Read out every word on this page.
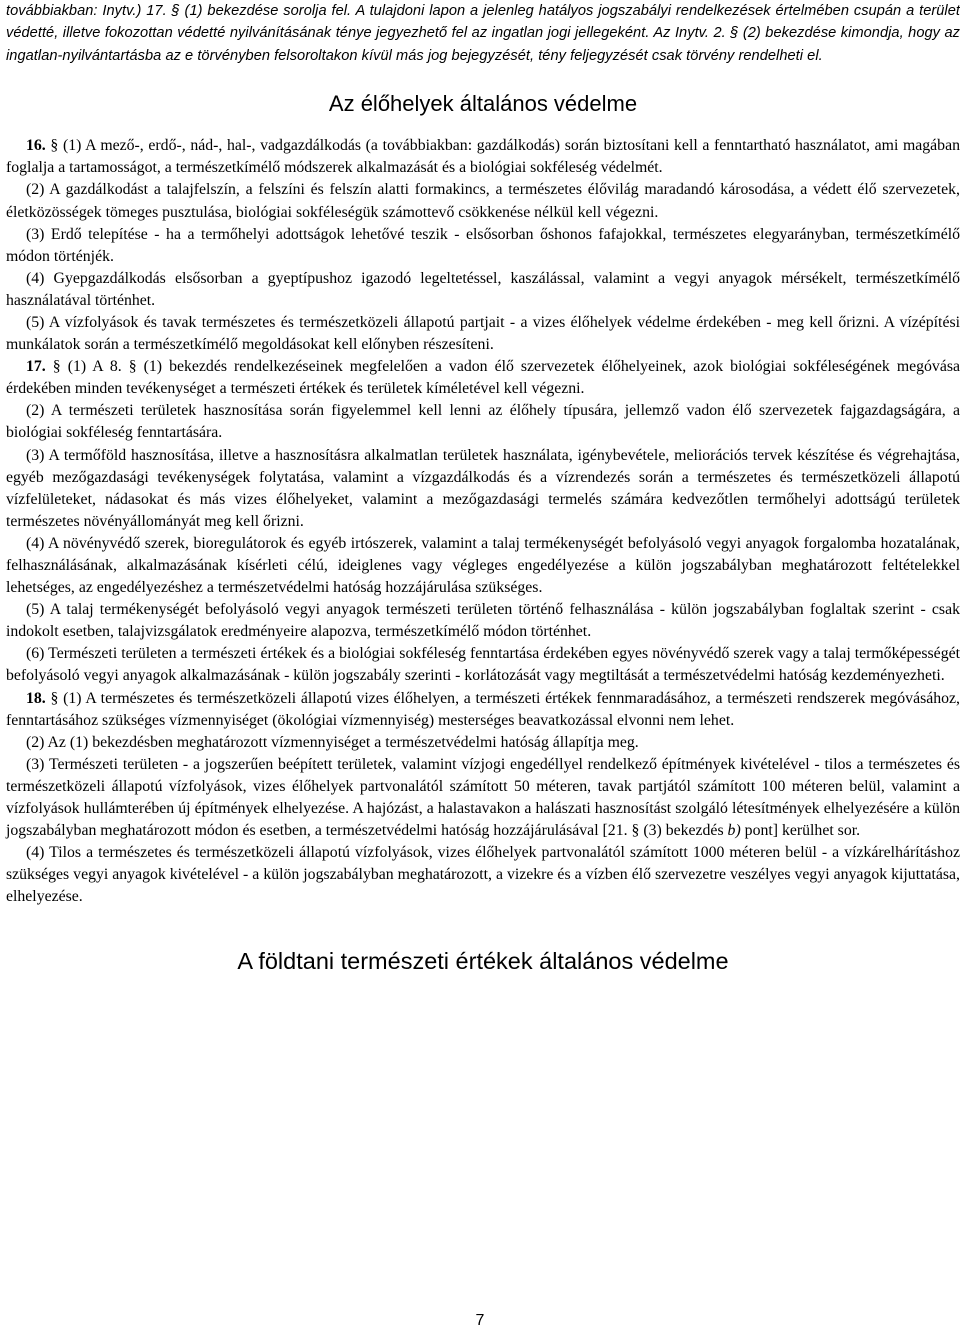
továbbiakban: Inytv.) 17. § (1) bekezdése sorolja fel. A tulajdoni lapon a jelenleg hatályos jogszabályi rendelkezések értelmében csupán a terület védetté, illetve fokozottan védetté nyilvánításának ténye jegyezhető fel az ingatlan jogi jellegeként. Az Inytv. 2. § (2) bekezdése kimondja, hogy az ingatlan-nyilvántartásba az e törvényben felsoroltakon kívül más jog bejegyzését, tény feljegyzését csak törvény rendelheti el.

Az élőhelyek általános védelme

16. § (1) A mező-, erdő-, nád-, hal-, vadgazdálkodás (a továbbiakban: gazdálkodás) során biztosítani kell a fenntartható használatot, ami magában foglalja a tartamosságot, a természetkímélő módszerek alkalmazását és a biológiai sokféleség védelmét.

(2) A gazdálkodást a talajfelszín, a felszíni és felszín alatti formakincs, a természetes élővilág maradandó károsodása, a védett élő szervezetek, életközösségek tömeges pusztulása, biológiai sokféleségük számottevő csökkenése nélkül kell végezni.

(3) Erdő telepítése - ha a termőhelyi adottságok lehetővé teszik - elsősorban őshonos fafajokkal, természetes elegyarányban, természetkímélő módon történjék.

(4) Gyepgazdálkodás elsősorban a gyeptípushoz igazodó legeltetéssel, kaszálással, valamint a vegyi anyagok mérsékelt, természetkímélő használatával történhet.

(5) A vízfolyások és tavak természetes és természetközeli állapotú partjait - a vizes élőhelyek védelme érdekében - meg kell őrizni. A vízépítési munkálatok során a természetkímélő megoldásokat kell előnyben részesíteni.

17. § (1) A 8. § (1) bekezdés rendelkezéseinek megfelelően a vadon élő szervezetek élőhelyeinek, azok biológiai sokféleségének megóvása érdekében minden tevékenységet a természeti értékek és területek kíméletével kell végezni.

(2) A természeti területek hasznosítása során figyelemmel kell lenni az élőhely típusára, jellemző vadon élő szervezetek fajgazdagságára, a biológiai sokféleség fenntartására.

(3) A termőföld hasznosítása, illetve a hasznosításra alkalmatlan területek használata, igénybevétele, meliorációs tervek készítése és végrehajtása, egyéb mezőgazdasági tevékenységek folytatása, valamint a vízgazdálkodás és a vízrendezés során a természetes és természetközeli állapotú vízfelületeket, nádasokat és más vizes élőhelyeket, valamint a mezőgazdasági termelés számára kedvezőtlen termőhelyi adottságú területek természetes növényállományát meg kell őrizni.

(4) A növényvédő szerek, bioregulátorok és egyéb irtószerek, valamint a talaj termékenységét befolyásoló vegyi anyagok forgalomba hozatalának, felhasználásának, alkalmazásának kísérleti célú, ideiglenes vagy végleges engedélyezése a külön jogszabályban meghatározott feltételekkel lehetséges, az engedélyezéshez a természetvédelmi hatóság hozzájárulása szükséges.

(5) A talaj termékenységét befolyásoló vegyi anyagok természeti területen történő felhasználása - külön jogszabályban foglaltak szerint - csak indokolt esetben, talajvizsgálatok eredményeire alapozva, természetkímélő módon történhet.

(6) Természeti területen a természeti értékek és a biológiai sokféleség fenntartása érdekében egyes növényvédő szerek vagy a talaj termőképességét befolyásoló vegyi anyagok alkalmazásának - külön jogszabály szerinti - korlátozását vagy megtiltását a természetvédelmi hatóság kezdeményezheti.

18. § (1) A természetes és természetközeli állapotú vizes élőhelyen, a természeti értékek fennmaradásához, a természeti rendszerek megóvásához, fenntartásához szükséges vízmennyiséget (ökológiai vízmennyiség) mesterséges beavatkozással elvonni nem lehet.

(2) Az (1) bekezdésben meghatározott vízmennyiséget a természetvédelmi hatóság állapítja meg.

(3) Természeti területen - a jogszerűen beépített területek, valamint vízjogi engedéllyel rendelkező építmények kivételével - tilos a természetes és természetközeli állapotú vízfolyások, vizes élőhelyek partvonalától számított 50 méteren, tavak partjától számított 100 méteren belül, valamint a vízfolyások hullámterében új építmények elhelyezése. A hajózást, a halastavakon a halászati hasznosítást szolgáló létesítmények elhelyezésére a külön jogszabályban meghatározott módon és esetben, a természetvédelmi hatóság hozzájárulásával [21. § (3) bekezdés b) pont] kerülhet sor.

(4) Tilos a természetes és természetközeli állapotú vízfolyások, vizes élőhelyek partvonalától számított 1000 méteren belül - a vízkárelhárításhoz szükséges vegyi anyagok kivételével - a külön jogszabályban meghatározott, a vizekre és a vízben élő szervezetre veszélyes vegyi anyagok kijuttatása, elhelyezése.

A földtani természeti értékek általános védelme
7
